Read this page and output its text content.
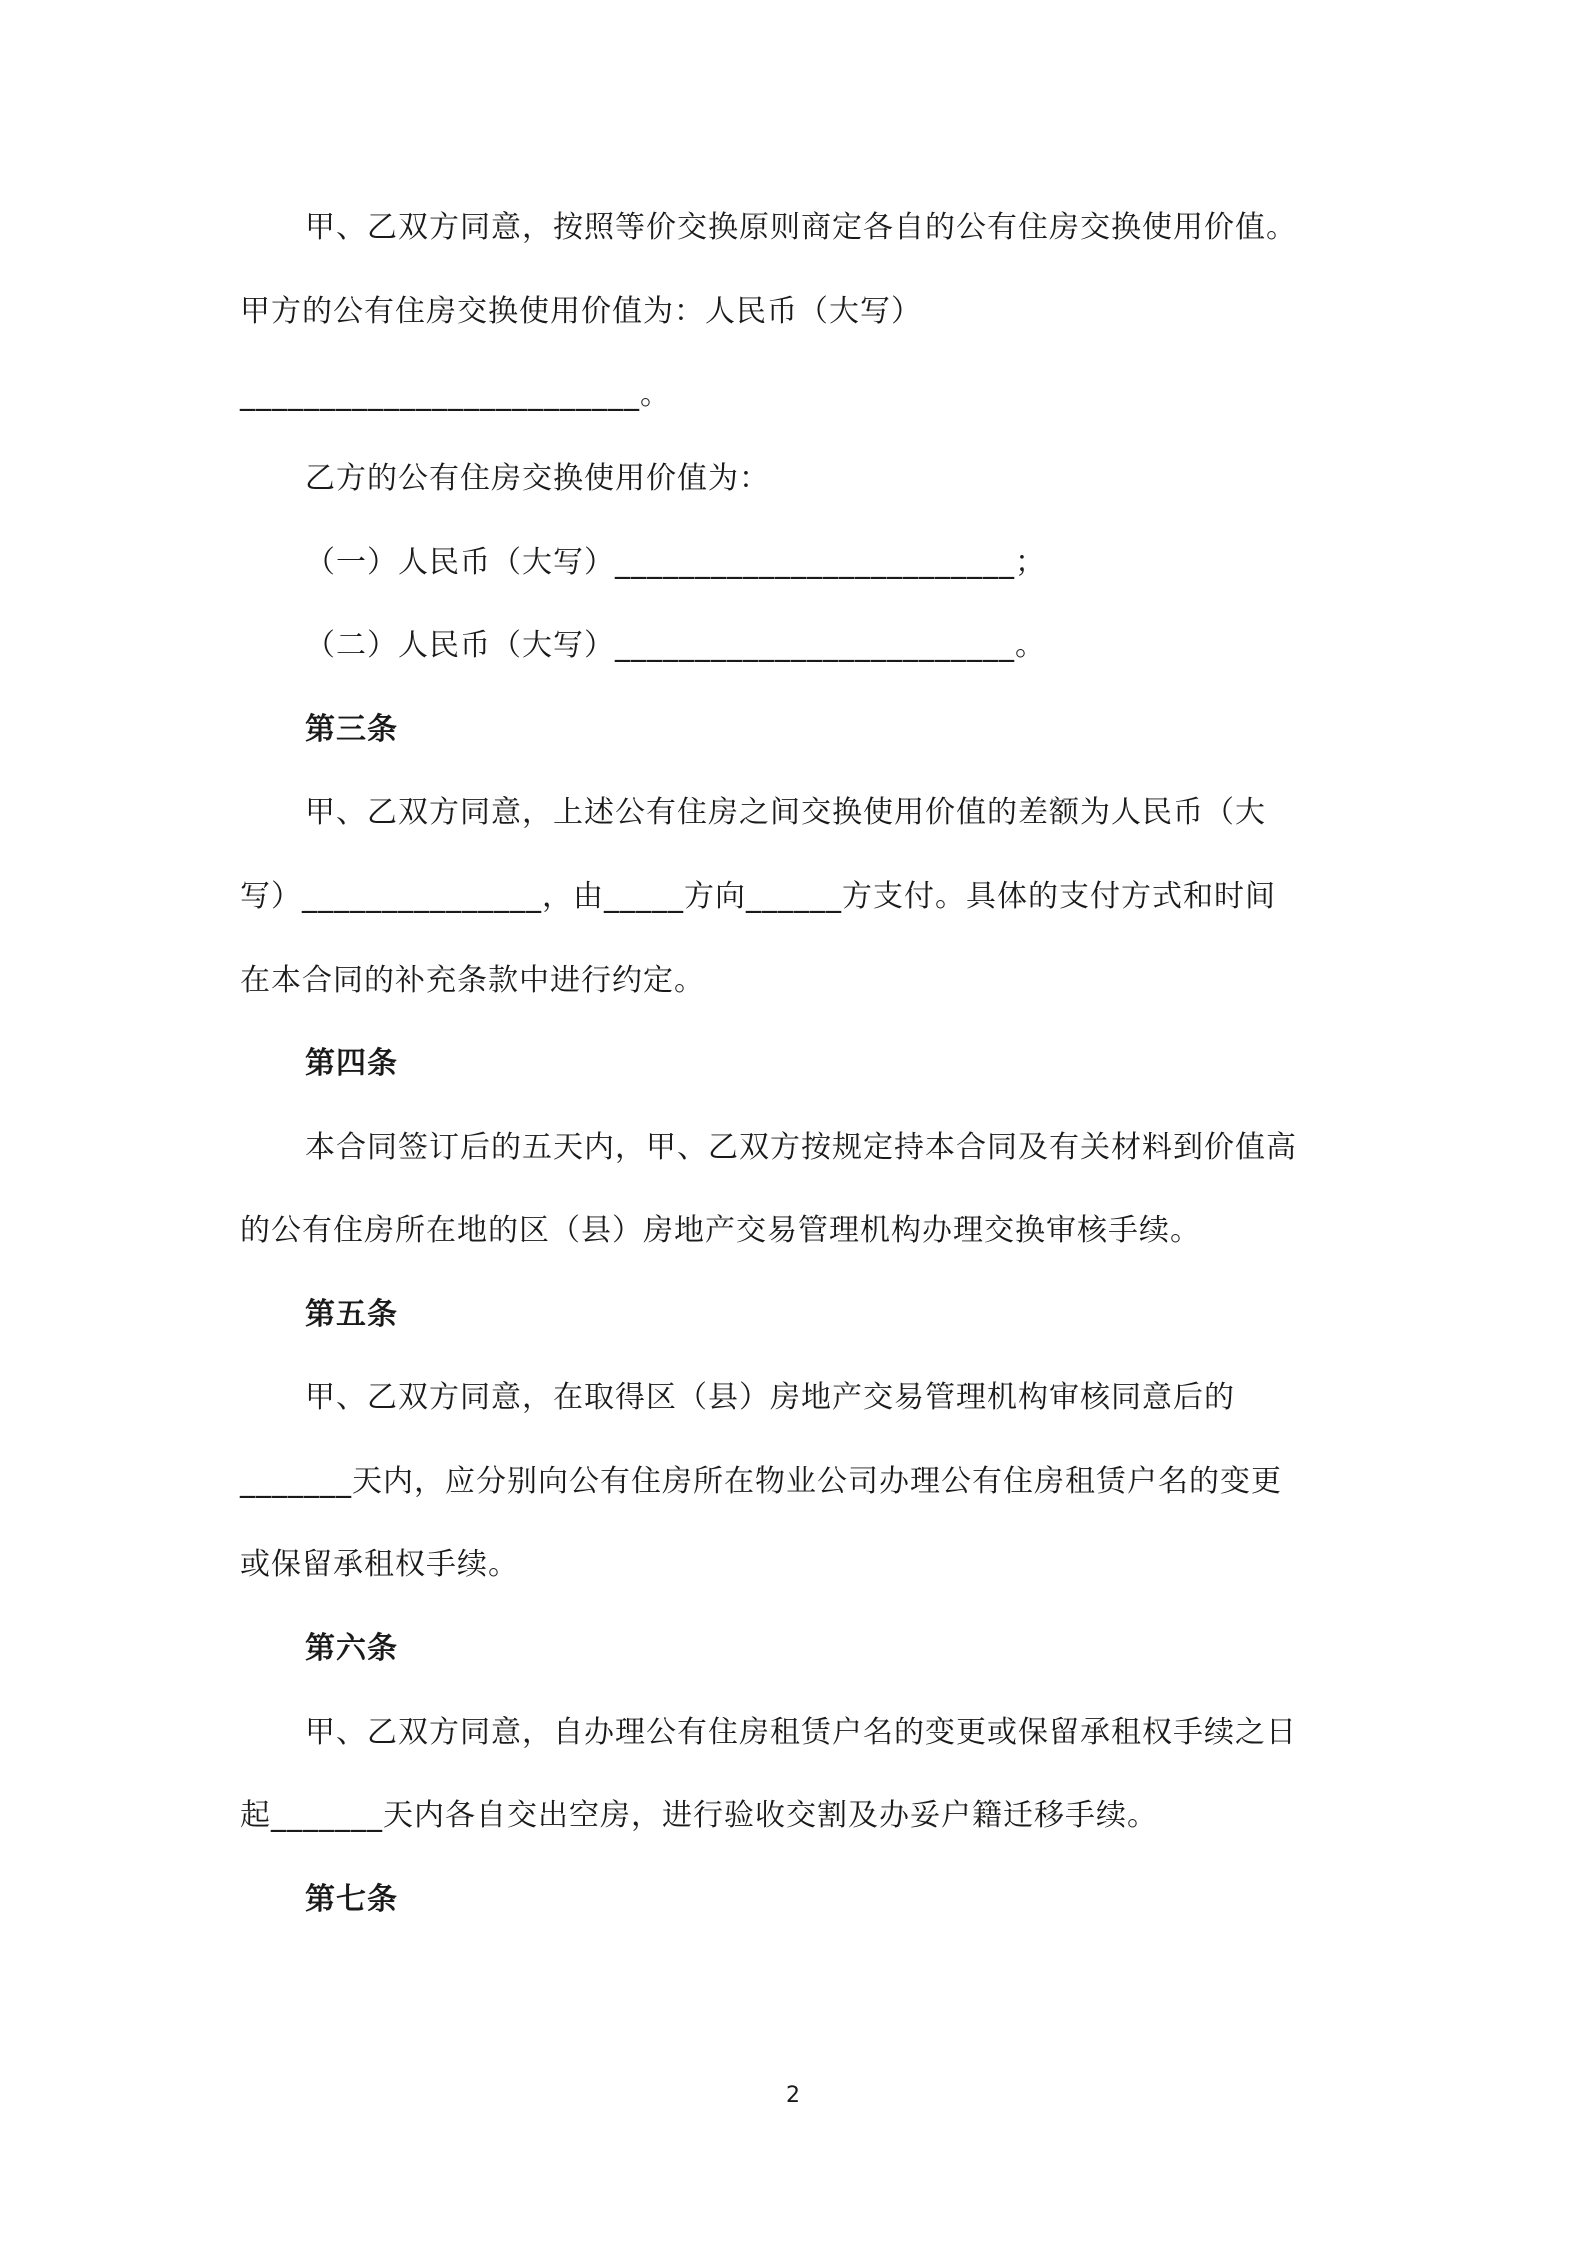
甲、乙双方同意，按照等价交换原则商定各自的公有住房交换使用价值。
甲方的公有住房交换使用价值为：人民币（大写）
_________________________。
乙方的公有住房交换使用价值为：
（一）人民币（大写）_________________________；
（二）人民币（大写）_________________________。
第三条
甲、乙双方同意，上述公有住房之间交换使用价值的差额为人民币（大
写）_______________，由_____方向______方支付。具体的支付方式和时间
在本合同的补充条款中进行约定。
第四条
本合同签订后的五天内，甲、乙双方按规定持本合同及有关材料到价值高
的公有住房所在地的区（县）房地产交易管理机构办理交换审核手续。
第五条
甲、乙双方同意，在取得区（县）房地产交易管理机构审核同意后的
_______天内，应分别向公有住房所在物业公司办理公有住房租赁户名的变更
或保留承租权手续。
第六条
甲、乙双方同意，自办理公有住房租赁户名的变更或保留承租权手续之日
起_______天内各自交出空房，进行验收交割及办妥户籍迁移手续。
第七条
2
